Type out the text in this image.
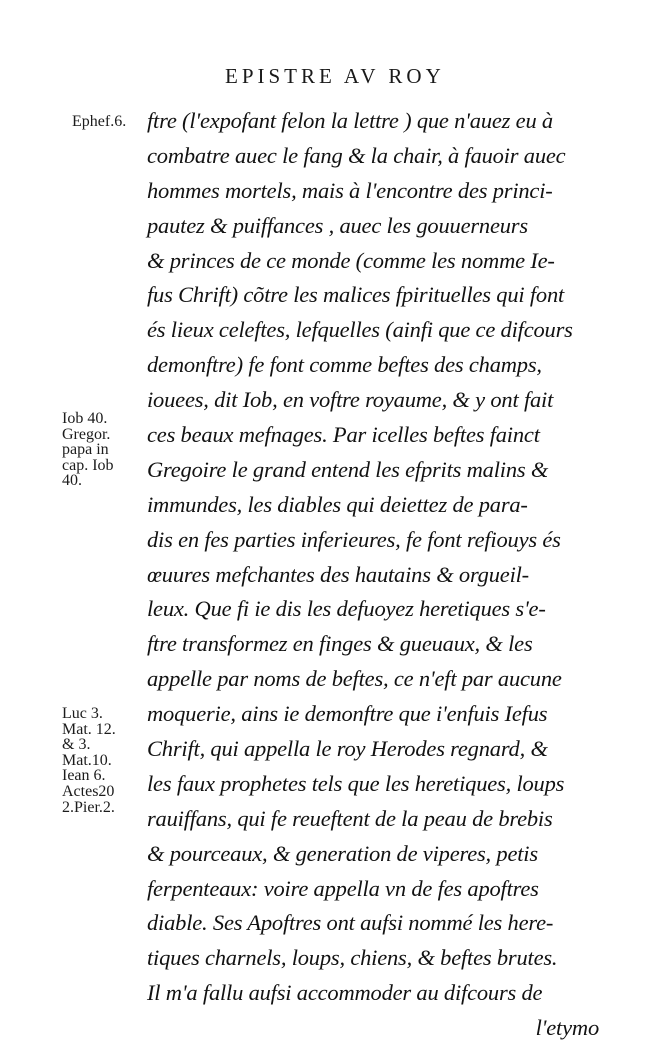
EPISTRE AV ROY
Ephef.6.
Iob 40.
Gregor.
papa in
cap. Iob
40.
Luc 3.
Mat. 12.
& 3.
Mat.10.
Iean 6.
Actes20
2.Pier.2.
ftre (l'expofant felon la lettre ) que n'auez eu à
combatre auec le fang & la chair, à fauoir auec
hommes mortels, mais à l'encontre des princi-
pautez & puiffances , auec les gouuerneurs
& princes de ce monde (comme les nomme Ie-
fus Chrift) cõtre les malices fpirituelles qui font
és lieux celeftes, lefquelles (ainfi que ce difcours
demonftre) fe font comme beftes des champs,
iouees, dit Iob, en voftre royaume, & y ont fait
ces beaux mefnages. Par icelles beftes fainct
Gregoire le grand entend les efprits malins &
immundes, les diables qui deiettez de para-
dis en fes parties inferieures, fe font refiouys és
œuures mefchantes des hautains & orgueil-
leux. Que fi ie dis les defuoyez heretiques s'e-
ftre transformez en finges & gueuaux, & les
appelle par noms de beftes, ce n'eft par aucune
moquerie, ains ie demonftre que i'enfuis Iefus
Chrift, qui appella le roy Herodes regnard, &
les faux prophetes tels que les heretiques, loups
rauiffans, qui fe reueftent de la peau de brebis
& pourceaux, & generation de viperes, petis
ferpenteaux: voire appella vn de fes apoftres
diable. Ses Apoftres ont aufsi nommé les here-
tiques charnels, loups, chiens, & beftes brutes.
Il m'a fallu aufsi accommoder au difcours de
l'etymo
